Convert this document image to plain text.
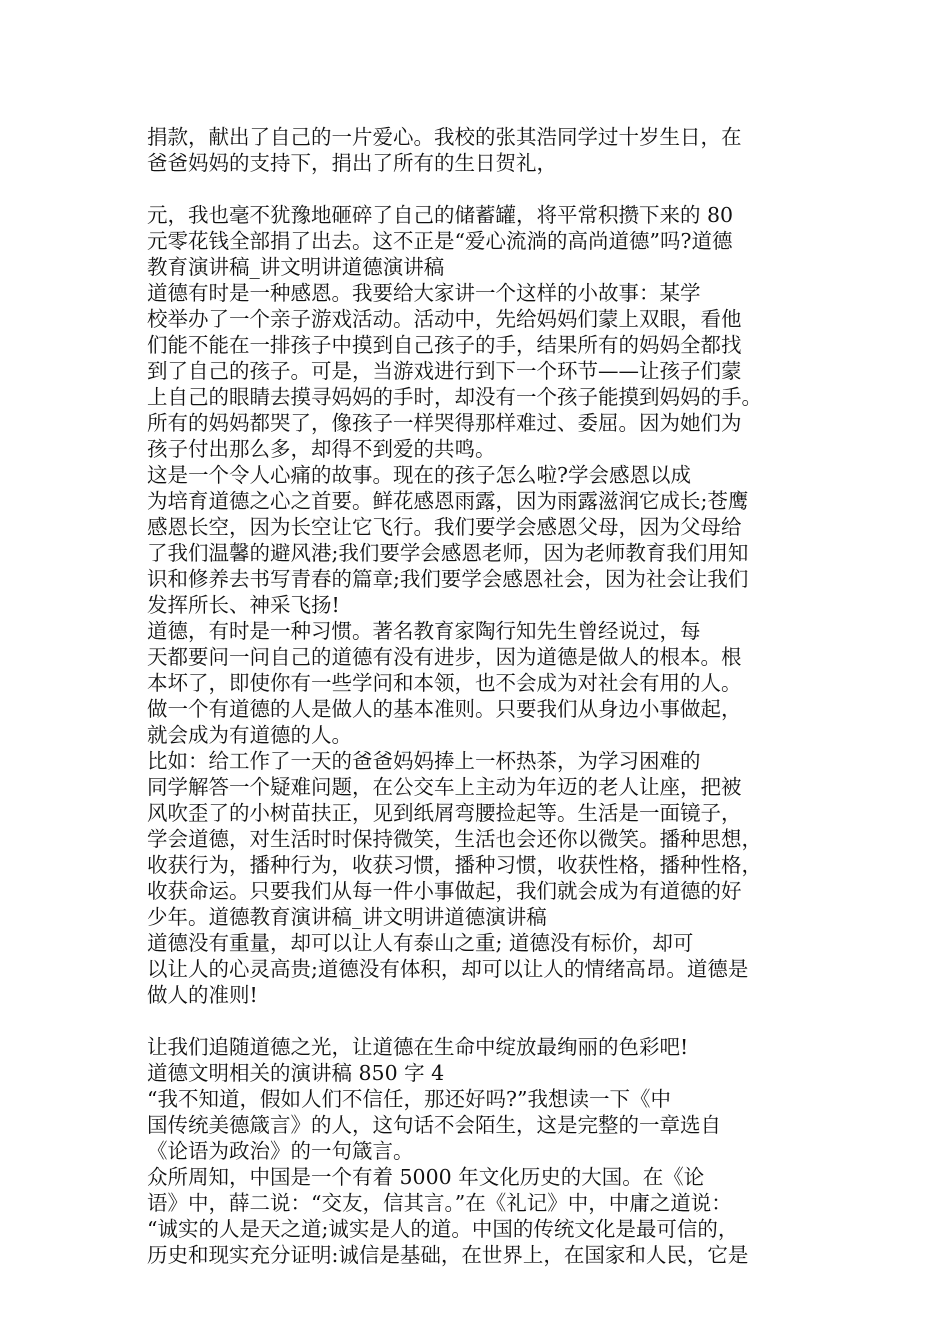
捐款，献出了自己的一片爱心。我校的张其浩同学过十岁生日，在
爸爸妈妈的支持下，捐出了所有的生日贺礼，
元，我也毫不犹豫地砸碎了自己的储蓄罐，将平常积攒下来的 80
元零花钱全部捐了出去。这不正是“爱心流淌的高尚道德”吗?道德
教育演讲稿_讲文明讲道德演讲稿
道德有时是一种感恩。我要给大家讲一个这样的小故事：某学
校举办了一个亲子游戏活动。活动中，先给妈妈们蒙上双眼，看他
们能不能在一排孩子中摸到自己孩子的手，结果所有的妈妈全都找
到了自己的孩子。可是，当游戏进行到下一个环节——让孩子们蒙
上自己的眼睛去摸寻妈妈的手时，却没有一个孩子能摸到妈妈的手。
所有的妈妈都哭了，像孩子一样哭得那样难过、委屈。因为她们为
孩子付出那么多，却得不到爱的共鸣。
这是一个令人心痛的故事。现在的孩子怎么啦?学会感恩以成
为培育道德之心之首要。鲜花感恩雨露，因为雨露滋润它成长;苍鹰
感恩长空，因为长空让它飞行。我们要学会感恩父母，因为父母给
了我们温馨的避风港;我们要学会感恩老师，因为老师教育我们用知
识和修养去书写青春的篇章;我们要学会感恩社会，因为社会让我们
发挥所长、神采飞扬!
道德，有时是一种习惯。著名教育家陶行知先生曾经说过，每
天都要问一问自己的道德有没有进步，因为道德是做人的根本。根
本坏了，即使你有一些学问和本领，也不会成为对社会有用的人。
做一个有道德的人是做人的基本准则。只要我们从身边小事做起，
就会成为有道德的人。
比如：给工作了一天的爸爸妈妈捧上一杯热茶，为学习困难的
同学解答一个疑难问题，在公交车上主动为年迈的老人让座，把被
风吹歪了的小树苗扶正，见到纸屑弯腰捡起等。生活是一面镜子，
学会道德，对生活时时保持微笑，生活也会还你以微笑。播种思想，
收获行为，播种行为，收获习惯，播种习惯，收获性格，播种性格，
收获命运。只要我们从每一件小事做起，我们就会成为有道德的好
少年。道德教育演讲稿_讲文明讲道德演讲稿
道德没有重量，却可以让人有泰山之重; 道德没有标价，却可
以让人的心灵高贵;道德没有体积，却可以让人的情绪高昂。道德是
做人的准则!
让我们追随道德之光，让道德在生命中绽放最绚丽的色彩吧!
道德文明相关的演讲稿 850 字 4
“我不知道，假如人们不信任，那还好吗?”我想读一下《中
国传统美德箴言》的人，这句话不会陌生，这是完整的一章选自
《论语为政治》的一句箴言。
众所周知，中国是一个有着 5000 年文化历史的大国。在《论
语》中，薛二说：“交友，信其言。”在《礼记》中，中庸之道说：
“诚实的人是天之道;诚实是人的道。中国的传统文化是最可信的，
历史和现实充分证明:诚信是基础，在世界上，在国家和人民，它是
